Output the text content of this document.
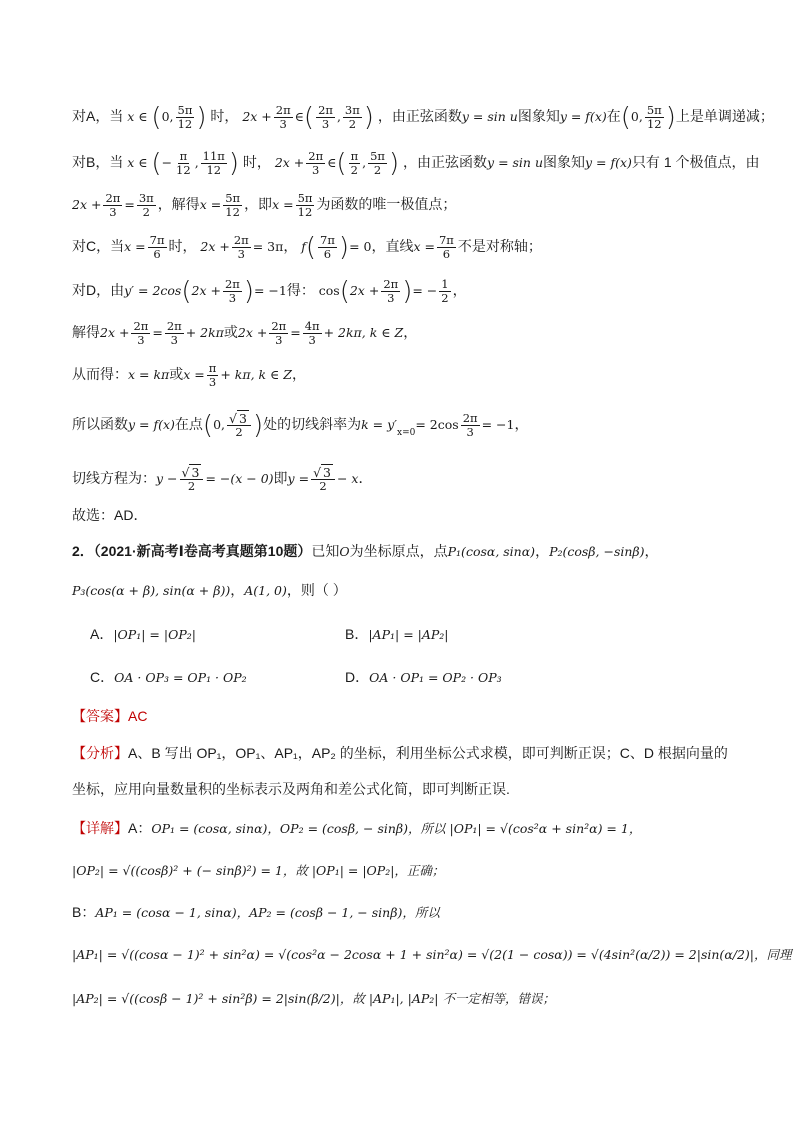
对A，当 x ∈ (0, $\frac{5\pi}{12}$ ) 时， $2x + \frac{2\pi}{3}$ ∈( $\frac{2\pi}{3}$ , $\frac{3\pi}{2}$ ) ，由正弦函数y = sin u图象知y = f(x)在(0, $\frac{5\pi}{12}$ )上是单调递减；
对B，当 x ∈ (− $\frac{\pi}{12}$ , $\frac{11\pi}{12}$ ) 时， $2x + \frac{2\pi}{3}$ ∈( $\frac{\pi}{2}$ , $\frac{5\pi}{2}$ ) ，由正弦函数y = sin u图象知y = f(x)只有 1 个极值点，由
$2x + \frac{2\pi}{3} = \frac{3\pi}{2}$ ，解得$x = \frac{5\pi}{12}$ ，即$x = \frac{5\pi}{12}$ 为函数的唯一极值点；
对C，当$x = \frac{7\pi}{6}$ 时， $2x + \frac{2\pi}{3} = 3\pi$， $f( \frac{7\pi}{6}$ )= 0，直线$x = \frac{7\pi}{6}$ 不是对称轴；
对D，由$y' = 2\cos(2x + \frac{2\pi}{3}$ )= −1得： $\cos(2x + \frac{2\pi}{3}$ )= − $\frac{1}{2}$ ，
解得$2x + \frac{2\pi}{3} = \frac{2\pi}{3} + 2k\pi$或$2x + \frac{2\pi}{3} = \frac{4\pi}{3} + 2k\pi$, k ∈ Z，
从而得：x = kπ或$x = \frac{\pi}{3} + k\pi$, k ∈ Z，
所以函数y = f(x)在点(0, $\frac{√ 3}{2}$ )处的切线斜率为$k = y'_{x=0}= 2\cos \frac{2\pi}{3} = -1$，
切线方程为：$y - \frac{√ 3}{2} = -(x - 0)$即$y = \frac{√ 3}{2} - x$．
故选：AD．
2．（2021·新高考Ⅰ卷高考真题第10题）已知O为坐标原点，点P₁(cosα, sinα)，P₂(cosβ, −sinβ)，
P₃(cos(α + β), sin(α + β))，A(1, 0)，则（ ）
A．|OP₁| = |OP₂|	B．|AP₁| = |AP₂|
C．OA · OP₃ = OP₁ · OP₂	D．OA · OP₁ = OP₂ · OP₃
【答案】AC
【分析】A、B 写出 OP₁，OP₁、AP₁，AP₂ 的坐标，利用坐标公式求模，即可判断正误；C、D 根据向量的
坐标，应用向量数量积的坐标表示及两角和差公式化简，即可判断正误.
【详解】A：OP₁ = (cosα, sinα)，OP₂ = (cosβ, − sinβ)，所以 |OP₁| = √(cos²α + sin²α) = 1，
|OP₂| = √((cosβ)² + (− sinβ)²) = 1，故 |OP₁| = |OP₂|，正确；
B：AP₁ = (cosα − 1, sinα)，AP₂ = (cosβ − 1, − sinβ)，所以
|AP₁| = √((cosα − 1)² + sin²α) = √(cos²α − 2cosα + 1 + sin²α) = √(2(1 − cosα)) = √(4sin²(α/2)) = 2|sin(α/2)|，同理
|AP₂| = √((cosβ − 1)² + sin²β) = 2|sin(β/2)|，故 |AP₁|, |AP₂| 不一定相等，错误；
